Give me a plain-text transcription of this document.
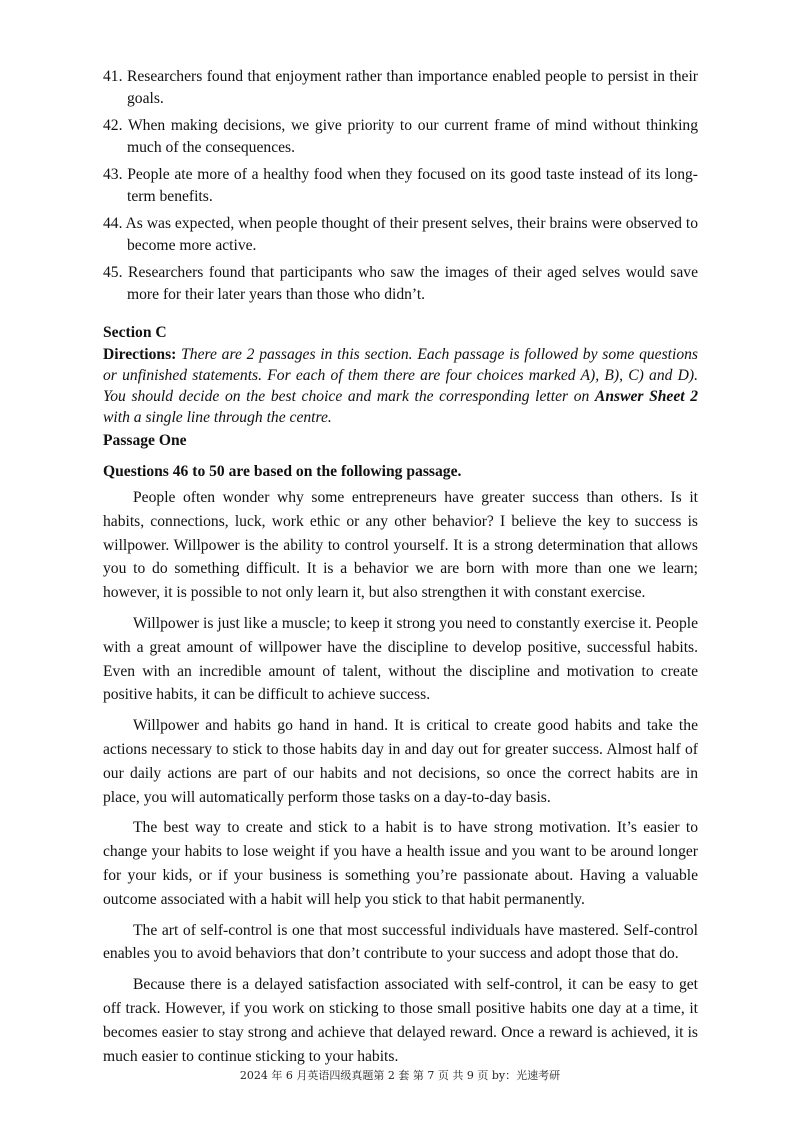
41. Researchers found that enjoyment rather than importance enabled people to persist in their goals.
42. When making decisions, we give priority to our current frame of mind without thinking much of the consequences.
43. People ate more of a healthy food when they focused on its good taste instead of its long-term benefits.
44. As was expected, when people thought of their present selves, their brains were observed to become more active.
45. Researchers found that participants who saw the images of their aged selves would save more for their later years than those who didn’t.
Section C
Directions: There are 2 passages in this section. Each passage is followed by some questions or unfinished statements. For each of them there are four choices marked A), B), C) and D). You should decide on the best choice and mark the corresponding letter on Answer Sheet 2 with a single line through the centre.
Passage One
Questions 46 to 50 are based on the following passage.

People often wonder why some entrepreneurs have greater success than others. Is it habits, connections, luck, work ethic or any other behavior? I believe the key to success is willpower. Willpower is the ability to control yourself. It is a strong determination that allows you to do something difficult. It is a behavior we are born with more than one we learn; however, it is possible to not only learn it, but also strengthen it with constant exercise.

Willpower is just like a muscle; to keep it strong you need to constantly exercise it. People with a great amount of willpower have the discipline to develop positive, successful habits. Even with an incredible amount of talent, without the discipline and motivation to create positive habits, it can be difficult to achieve success.

Willpower and habits go hand in hand. It is critical to create good habits and take the actions necessary to stick to those habits day in and day out for greater success. Almost half of our daily actions are part of our habits and not decisions, so once the correct habits are in place, you will automatically perform those tasks on a day-to-day basis.

The best way to create and stick to a habit is to have strong motivation. It’s easier to change your habits to lose weight if you have a health issue and you want to be around longer for your kids, or if your business is something you’re passionate about. Having a valuable outcome associated with a habit will help you stick to that habit permanently.

The art of self-control is one that most successful individuals have mastered. Self-control enables you to avoid behaviors that don’t contribute to your success and adopt those that do.

Because there is a delayed satisfaction associated with self-control, it can be easy to get off track. However, if you work on sticking to those small positive habits one day at a time, it becomes easier to stay strong and achieve that delayed reward. Once a reward is achieved, it is much easier to continue sticking to your habits.

2024 年 6 月英语四级真题第 2 套 第 7 页 共 9 页 by：光速考研
